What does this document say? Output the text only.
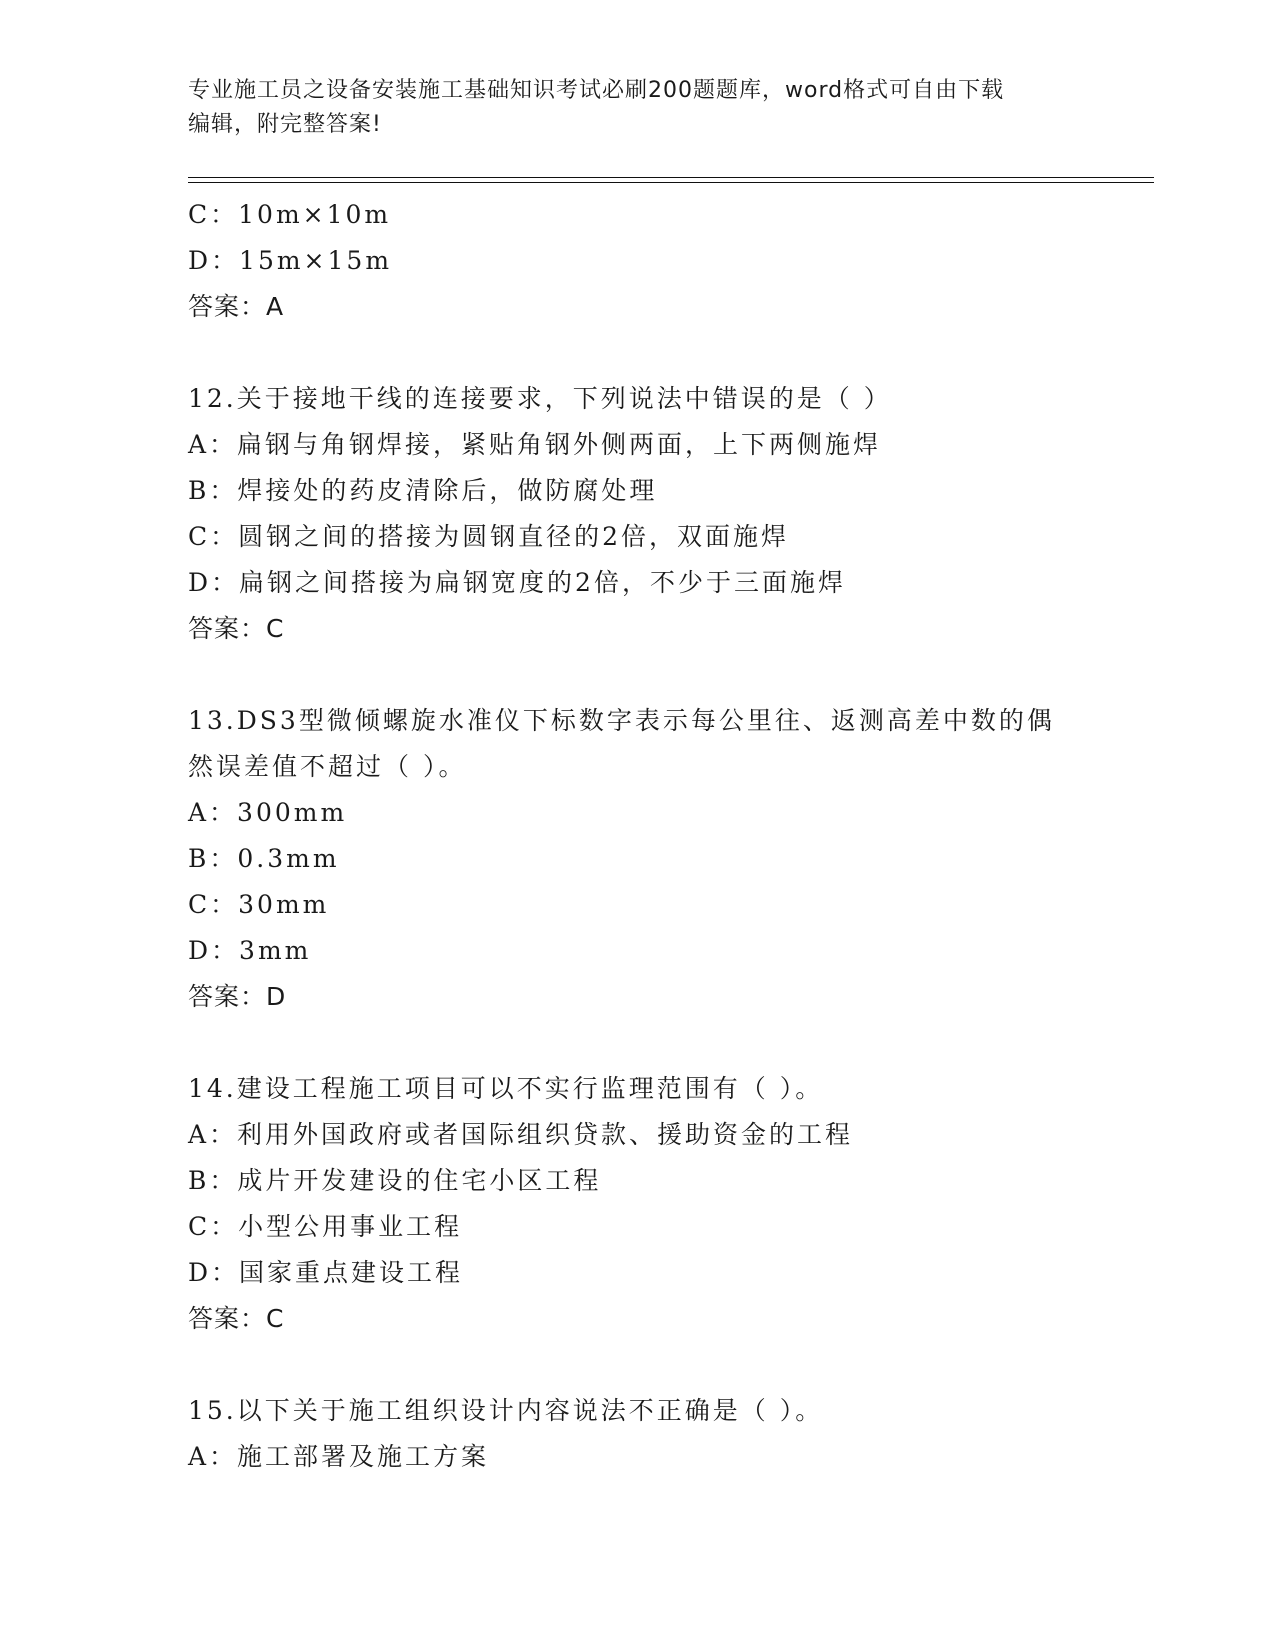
专业施工员之设备安装施工基础知识考试必刷200题题库，word格式可自由下载
编辑，附完整答案!
C：10m×10m
D：15m×15m
答案：A
12.关于接地干线的连接要求，下列说法中错误的是（ ）
A：扁钢与角钢焊接，紧贴角钢外侧两面，上下两侧施焊
B：焊接处的药皮清除后，做防腐处理
C：圆钢之间的搭接为圆钢直径的2倍，双面施焊
D：扁钢之间搭接为扁钢宽度的2倍，不少于三面施焊
答案：C
13.DS3型微倾螺旋水准仪下标数字表示每公里往、返测高差中数的偶
然误差值不超过（ ）。
A：300mm
B：0.3mm
C：30mm
D：3mm
答案：D
14.建设工程施工项目可以不实行监理范围有（ ）。
A：利用外国政府或者国际组织贷款、援助资金的工程
B：成片开发建设的住宅小区工程
C：小型公用事业工程
D：国家重点建设工程
答案：C
15.以下关于施工组织设计内容说法不正确是（ ）。
A：施工部署及施工方案
